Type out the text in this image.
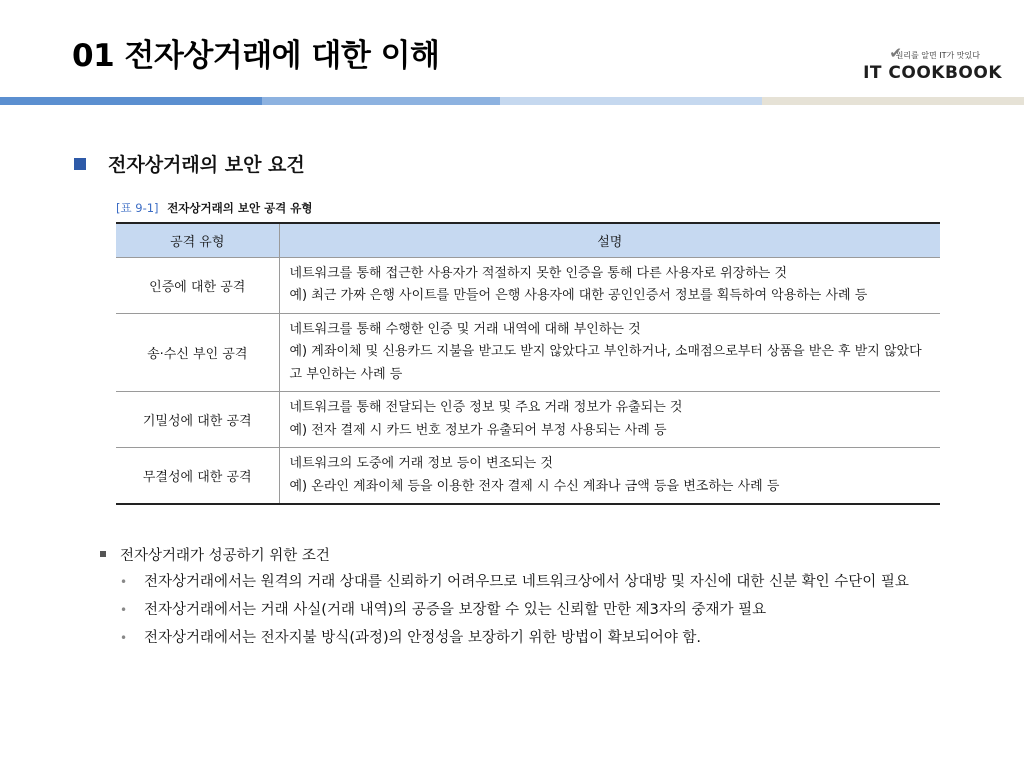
01 전자상거래에 대한 이해	✔
원리를 알면 IT가 맛있다
IT COOKBOOK
전자상거래의 보안 요건
[표 9-1] 전자상거래의 보안 공격 유형
공격 유형	설명
인증에 대한 공격	네트워크를 통해 접근한 사용자가 적절하지 못한 인증을 통해 다른 사용자로 위장하는 것
예) 최근 가짜 은행 사이트를 만들어 은행 사용자에 대한 공인인증서 정보를 획득하여 악용하는 사례 등

송·수신 부인 공격	네트워크를 통해 수행한 인증 및 거래 내역에 대해 부인하는 것
예) 계좌이체 및 신용카드 지불을 받고도 받지 않았다고 부인하거나, 소매점으로부터 상품을 받은 후 받지 않았다고 부인하는 사례 등

기밀성에 대한 공격	네트워크를 통해 전달되는 인증 정보 및 주요 거래 정보가 유출되는 것
예) 전자 결제 시 카드 번호 정보가 유출되어 부정 사용되는 사례 등

무결성에 대한 공격	네트워크의 도중에 거래 정보 등이 변조되는 것
예) 온라인 계좌이체 등을 이용한 전자 결제 시 수신 계좌나 금액 등을 변조하는 사례 등
전자상거래가 성공하기 위한 조건
•	전자상거래에서는 원격의 거래 상대를 신뢰하기 어려우므로 네트워크상에서 상대방 및 자신에 대한 신분 확인 수단이 필요
•	전자상거래에서는 거래 사실(거래 내역)의 공증을 보장할 수 있는 신뢰할 만한 제3자의 중재가 필요
•	전자상거래에서는 전자지불 방식(과정)의 안정성을 보장하기 위한 방법이 확보되어야 함.
